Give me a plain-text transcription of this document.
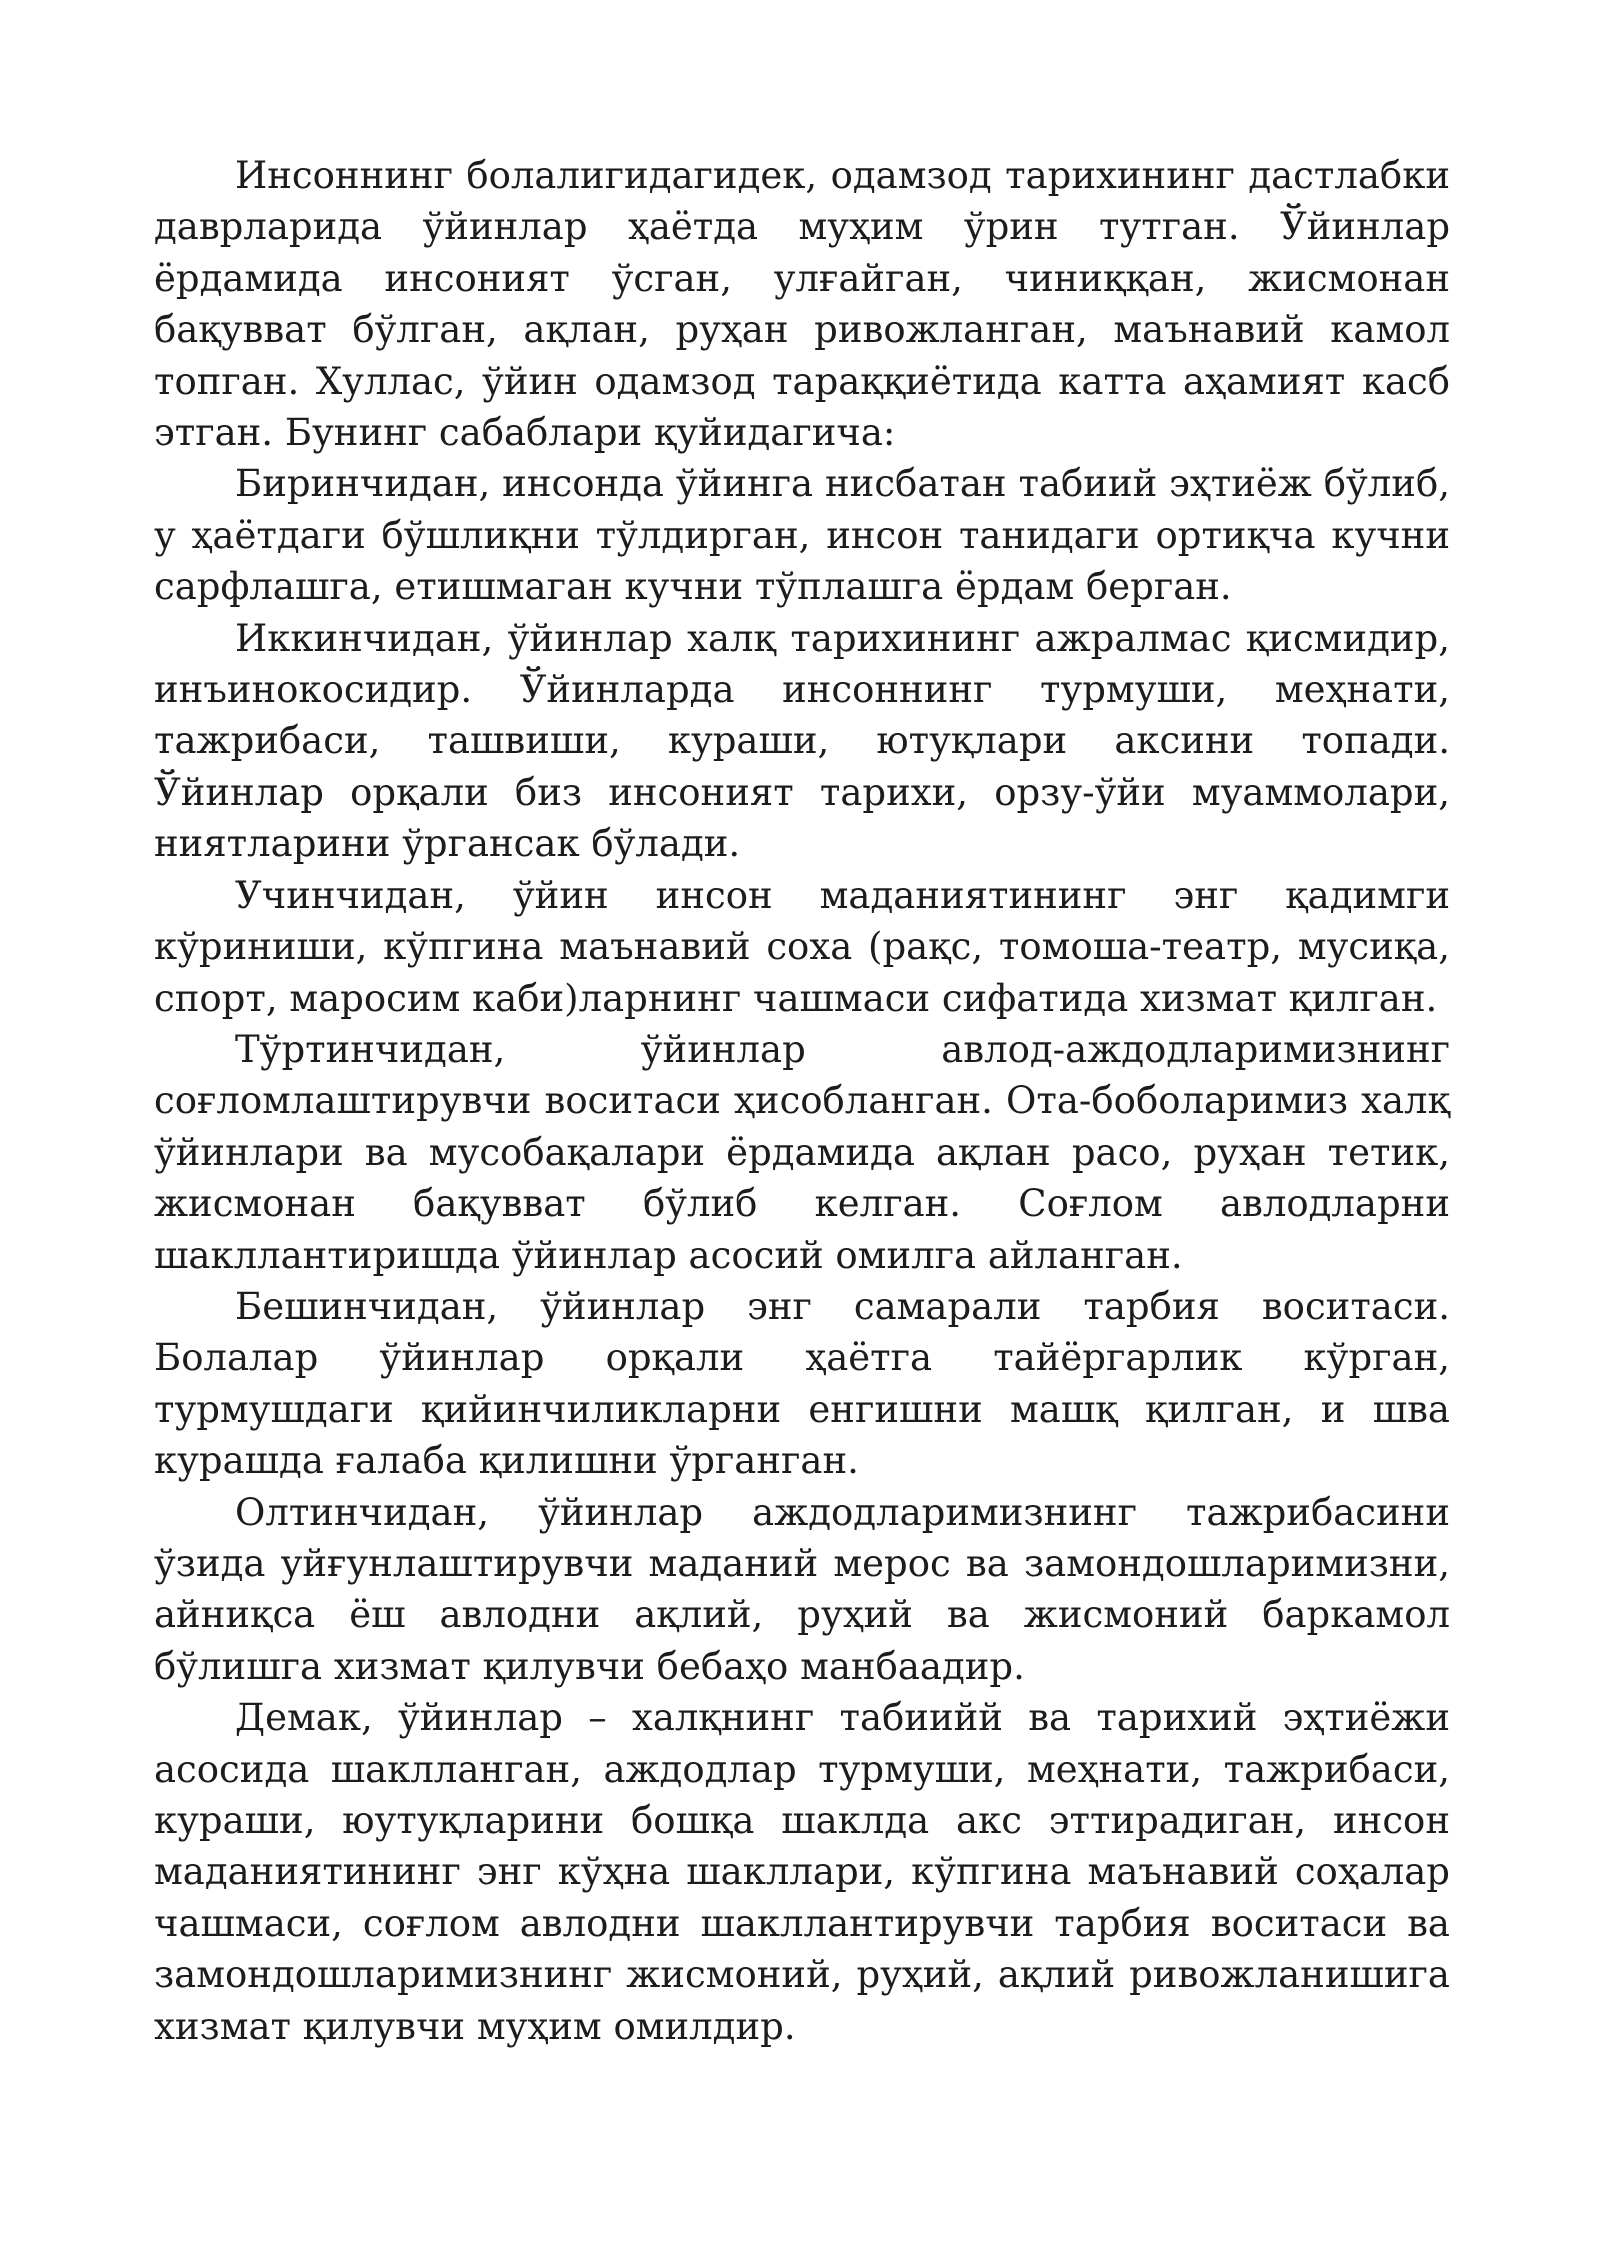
Инсоннинг болалигидагидек, одамзод тарихининг дастлабки даврларида ўйинлар ҳаётда муҳим ўрин тутган. Ўйинлар ёрдамида инсоният ўсган, улғайган, чиниққан, жисмонан бақувват бўлган, ақлан, руҳан ривожланган, маънавий камол топган. Хуллас, ўйин одамзод тараққиётида катта аҳамият касб этган. Бунинг сабаблари қуйидагича:

Биринчидан, инсонда ўйинга нисбатан табиий эҳтиёж бўлиб, у ҳаётдаги бўшлиқни тўлдирган, инсон танидаги ортиқча кучни сарфлашга, етишмаган кучни тўплашга ёрдам берган.

Иккинчидан, ўйинлар халқ тарихининг ажралмас қисмидир, инъинокосидир. Ўйинларда инсоннинг турмуши, меҳнати, тажрибаси, ташвиши, кураши, ютуқлари аксини топади. Ўйинлар орқали биз инсоният тарихи, орзу-ўйи муаммолари, ниятларини ўргансак бўлади.

Учинчидан, ўйин инсон маданиятининг энг қадимги кўриниши, кўпгина маънавий соха (рақс, томоша-театр, мусиқа, спорт, маросим каби)ларнинг чашмаси сифатида хизмат қилган.

Тўртинчидан, ўйинлар авлод-аждодларимизнинг соғломлаштирувчи воситаси ҳисобланган. Ота-боболаримиз халқ ўйинлари ва мусобақалари ёрдамида ақлан расо, руҳан тетик, жисмонан бақувват бўлиб келган. Соғлом авлодларни шакллантиришда ўйинлар асосий омилга айланган.

Бешинчидан, ўйинлар энг самарали тарбия воситаси. Болалар ўйинлар орқали ҳаётга тайёргарлик кўрган, турмушдаги қийинчиликларни енгишни машқ қилган, и шва курашда ғалаба қилишни ўрганган.

Олтинчидан, ўйинлар аждодларимизнинг тажрибасини ўзида уйғунлаштирувчи маданий мерос ва замондошларимизни, айниқса ёш авлодни ақлий, руҳий ва жисмоний баркамол бўлишга хизмат қилувчи бебаҳо манбаадир.

Демак, ўйинлар – халқнинг табиийй ва тарихий эҳтиёжи асосида шаклланган, аждодлар турмуши, меҳнати, тажрибаси, кураши, юутуқларини бошқа шаклда акс эттирадиган, инсон маданиятининг энг кўҳна шакллари, кўпгина маънавий соҳалар чашмаси, соғлом авлодни шакллантирувчи тарбия воситаси ва замондошларимизнинг жисмоний, руҳий, ақлий ривожланишига хизмат қилувчи муҳим омилдир.
